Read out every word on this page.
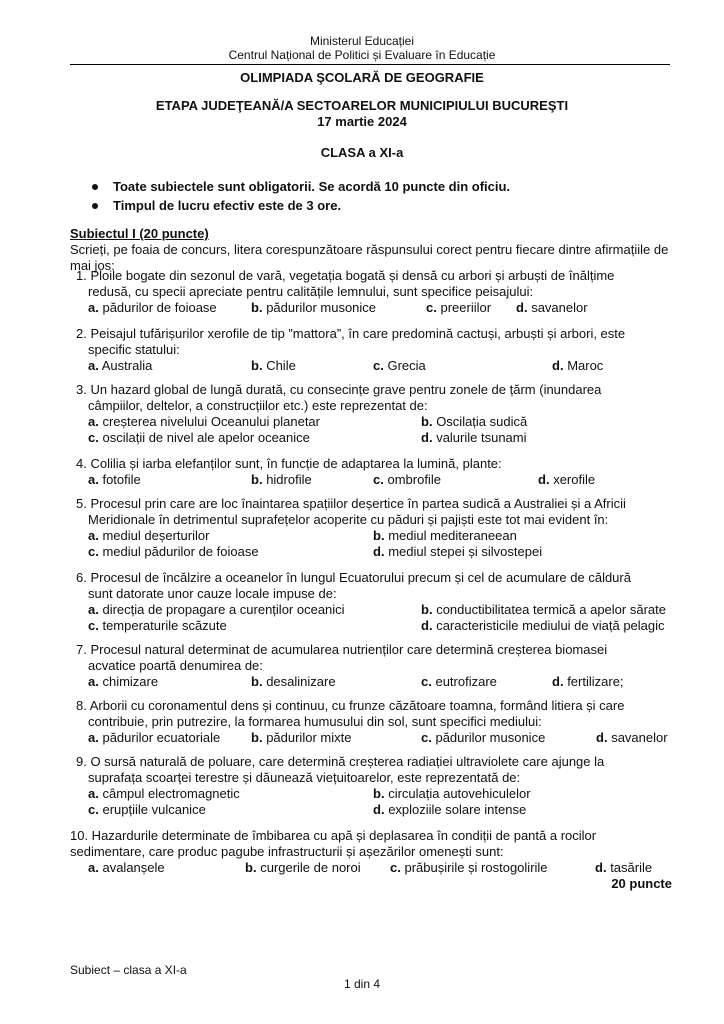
Ministerul Educației
Centrul Național de Politici și Evaluare în Educație
OLIMPIADA ŞCOLARĂ DE GEOGRAFIE
ETAPA JUDEŢEANĂ/A SECTOARELOR MUNICIPIULUI BUCUREŞTI
17 martie 2024
CLASA a XI-a
Toate subiectele sunt obligatorii. Se acordă 10 puncte din oficiu.
Timpul de lucru efectiv este de 3 ore.
Subiectul I (20 puncte)
Scrieți, pe foaia de concurs, litera corespunzătoare răspunsului corect pentru fiecare dintre afirmațiile de mai jos:
1. Ploile bogate din sezonul de vară, vegetația bogată și densă cu arbori și arbuști de înălțime
redusă, cu specii apreciate pentru calitățile lemnului, sunt specifice peisajului:
a. pădurilor de foioase	b. pădurilor musonice	c. preeriilor d. savanelor
2. Peisajul tufărișurilor xerofile de tip ”mattora”, în care predomină cactuși, arbuști și arbori, este
specific statului:
a. Australia	b. Chile	c. Grecia	d. Maroc
3. Un hazard global de lungă durată, cu consecințe grave pentru zonele de țărm (inundarea
câmpiilor, deltelor, a construcțiilor etc.) este reprezentat de:
a. creșterea nivelului Oceanului planetar	b. Oscilația sudică
c. oscilații de nivel ale apelor oceanice	d. valurile tsunami
4. Colilia și iarba elefanților sunt, în funcție de adaptarea la lumină, plante:
a. fotofile	b. hidrofile	c. ombrofile	d. xerofile
5. Procesul prin care are loc înaintarea spațiilor deșertice în partea sudică a Australiei și a Africii
Meridionale în detrimentul suprafețelor acoperite cu păduri și pajiști este tot mai evident în:
a. mediul deșerturilor	b. mediul mediteraneean
c. mediul pădurilor de foioase	d. mediul stepei și silvostepei
6. Procesul de încălzire a oceanelor în lungul Ecuatorului precum și cel de acumulare de căldură
sunt datorate unor cauze locale impuse de:
a. direcția de propagare a curenților oceanici	b. conductibilitatea termică a apelor sărate
c. temperaturile scăzute	d. caracteristicile mediului de viață pelagic
7. Procesul natural determinat de acumularea nutrienților care determină creșterea biomasei
acvatice poartă denumirea de:
a. chimizare	b. desalinizare	c. eutrofizare	d. fertilizare;
8. Arborii cu coronamentul dens și continuu, cu frunze căzătoare toamna, formând litiera și care
contribuie, prin putrezire, la formarea humusului din sol, sunt specifici mediului:
a. pădurilor ecuatoriale b. pădurilor mixte	c. pădurilor musonice	d. savanelor
9. O sursă naturală de poluare, care determină creșterea radiației ultraviolete care ajunge la
suprafața scoarței terestre și dăunează viețuitoarelor, este reprezentată de:
a. câmpul electromagnetic	b. circulația autovehiculelor
c. erupțiile vulcanice	d. exploziile solare intense
10. Hazardurile determinate de îmbibarea cu apă și deplasarea în condiții de pantă a rocilor
sedimentare, care produc pagube infrastructurii și așezărilor omenești sunt:
a. avalanșele	b. curgerile de noroi c. prăbușirile și rostogolirile	d. tasările
20 puncte
Subiect – clasa a XI-a
1 din 4
